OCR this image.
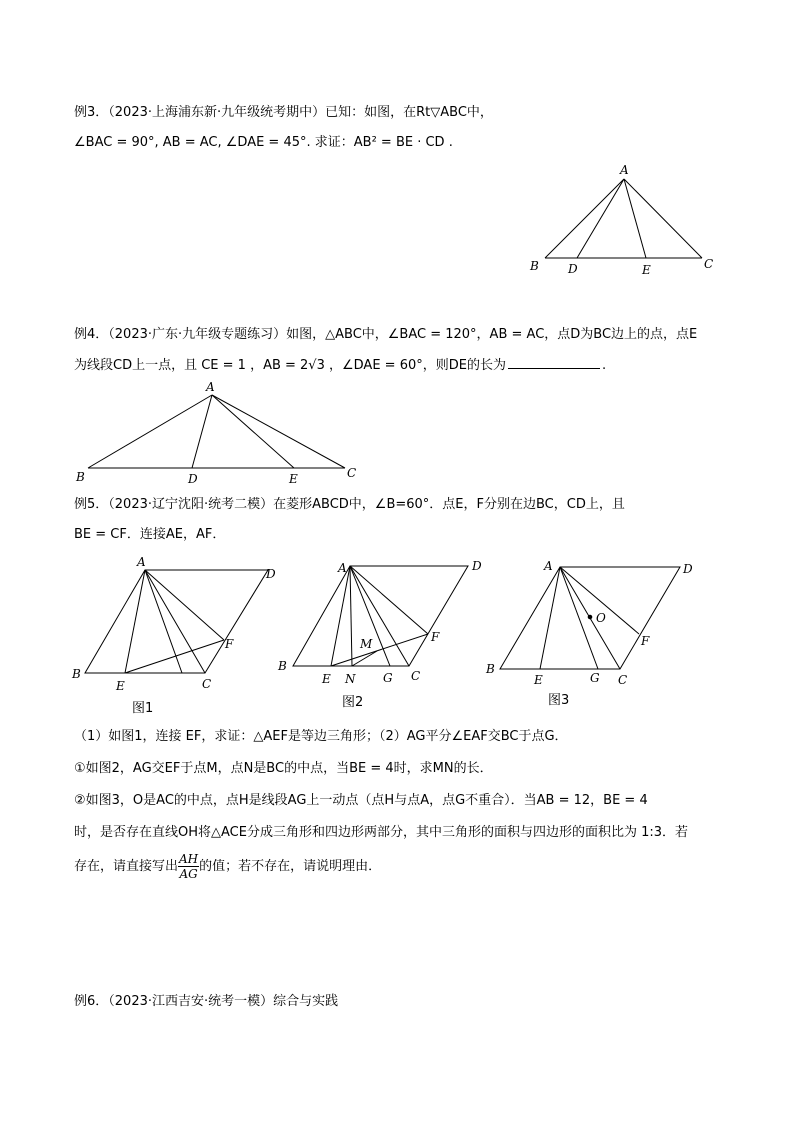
例3．（2023·上海浦东新·九年级统考期中）已知：如图，在Rt▽ABC中，
∠BAC = 90°, AB = AC, ∠DAE = 45°. 求证：AB² = BE · CD .
例4．（2023·广东·九年级专题练习）如图，△ABC中，∠BAC = 120°，AB = AC，点D为BC边上的点，点E
为线段CD上一点，且 CE = 1 ，AB = 2√3 ，∠DAE = 60°，则DE的长为	.
例5．（2023·辽宁沈阳·统考二模）在菱形ABCD中，∠B=60°．点E，F分别在边BC，CD上，且
BE = CF．连接AE，AF．
（1）如图1，连接 EF，求证：△AEF是等边三角形；（2）AG平分∠EAF交BC于点G．
①如图2，AG交EF于点M，点N是BC的中点，当BE = 4时，求MN的长．
②如图3，O是AC的中点，点H是线段AG上一动点（点H与点A，点G不重合）．当AB = 12，BE = 4
时，是否存在直线OH将△ACE分成三角形和四边形两部分，其中三角形的面积与四边形的面积比为 1:3．若
存在，请直接写出 $\frac{AH}{AG}$ 的值；若不存在，请说明理由．
例6．（2023·江西吉安·统考一模）综合与实践
A
B D	E	C
A
B	D	E	C
A
D
B
E	C
F
图1
A	D
B
E N G C
F
M
图2
A	D
B
E	G C
F
O
图3
